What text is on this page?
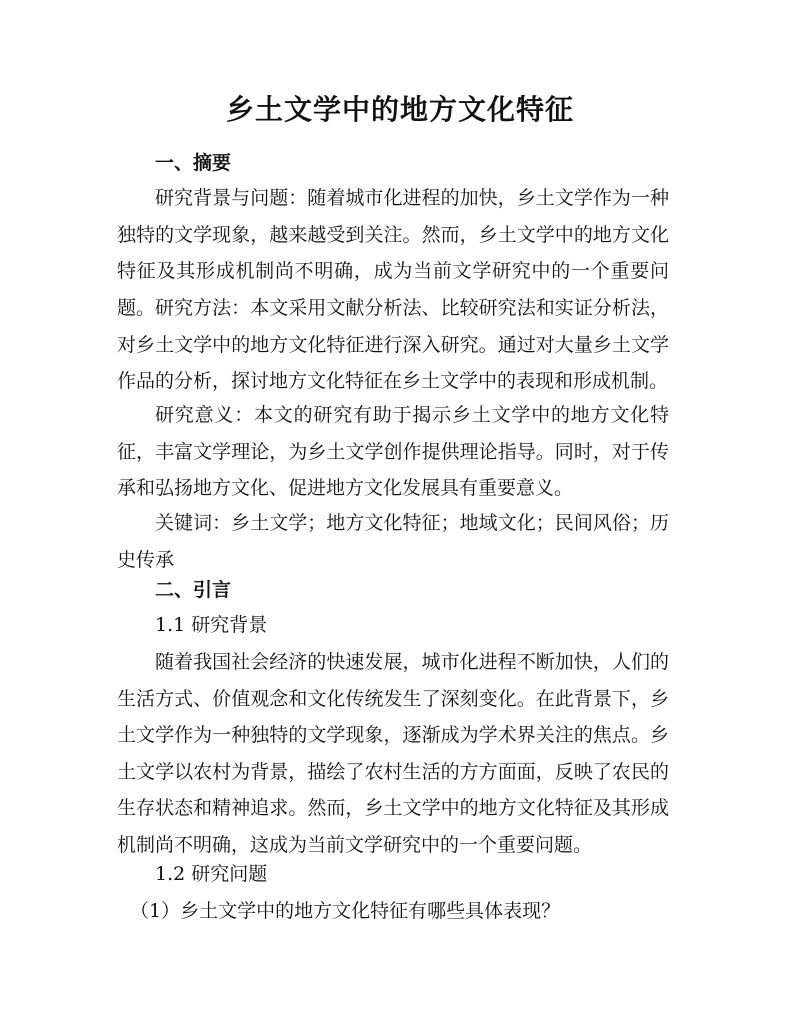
乡土文学中的地方文化特征
一、摘要

研究背景与问题：随着城市化进程的加快，乡土文学作为一种独特的文学现象，越来越受到关注。然而，乡土文学中的地方文化特征及其形成机制尚不明确，成为当前文学研究中的一个重要问题。 研究方法：本文采用文献分析法、比较研究法和实证分析法，对乡土文学中的地方文化特征进行深入研究。通过对大量乡土文学作品的分析，探讨地方文化特征在乡土文学中的表现和形成机制。

研究意义：本文的研究有助于揭示乡土文学中的地方文化特征，丰富文学理论，为乡土文学创作提供理论指导。同时，对于传承和弘扬地方文化、促进地方文化发展具有重要意义。

关键词：乡土文学；地方文化特征；地域文化；民间风俗；历史传承

二、引言

1.1 研究背景

随着我国社会经济的快速发展，城市化进程不断加快，人们的生活方式、价值观念和文化传统发生了深刻变化。在此背景下，乡土文学作为一种独特的文学现象，逐渐成为学术界关注的焦点。乡土文学以农村为背景，描绘了农村生活的方方面面，反映了农民的生存状态和精神追求。然而，乡土文学中的地方文化特征及其形成机制尚不明确，这成为当前文学研究中的一个重要问题。

1.2 研究问题

（1）乡土文学中的地方文化特征有哪些具体表现？
